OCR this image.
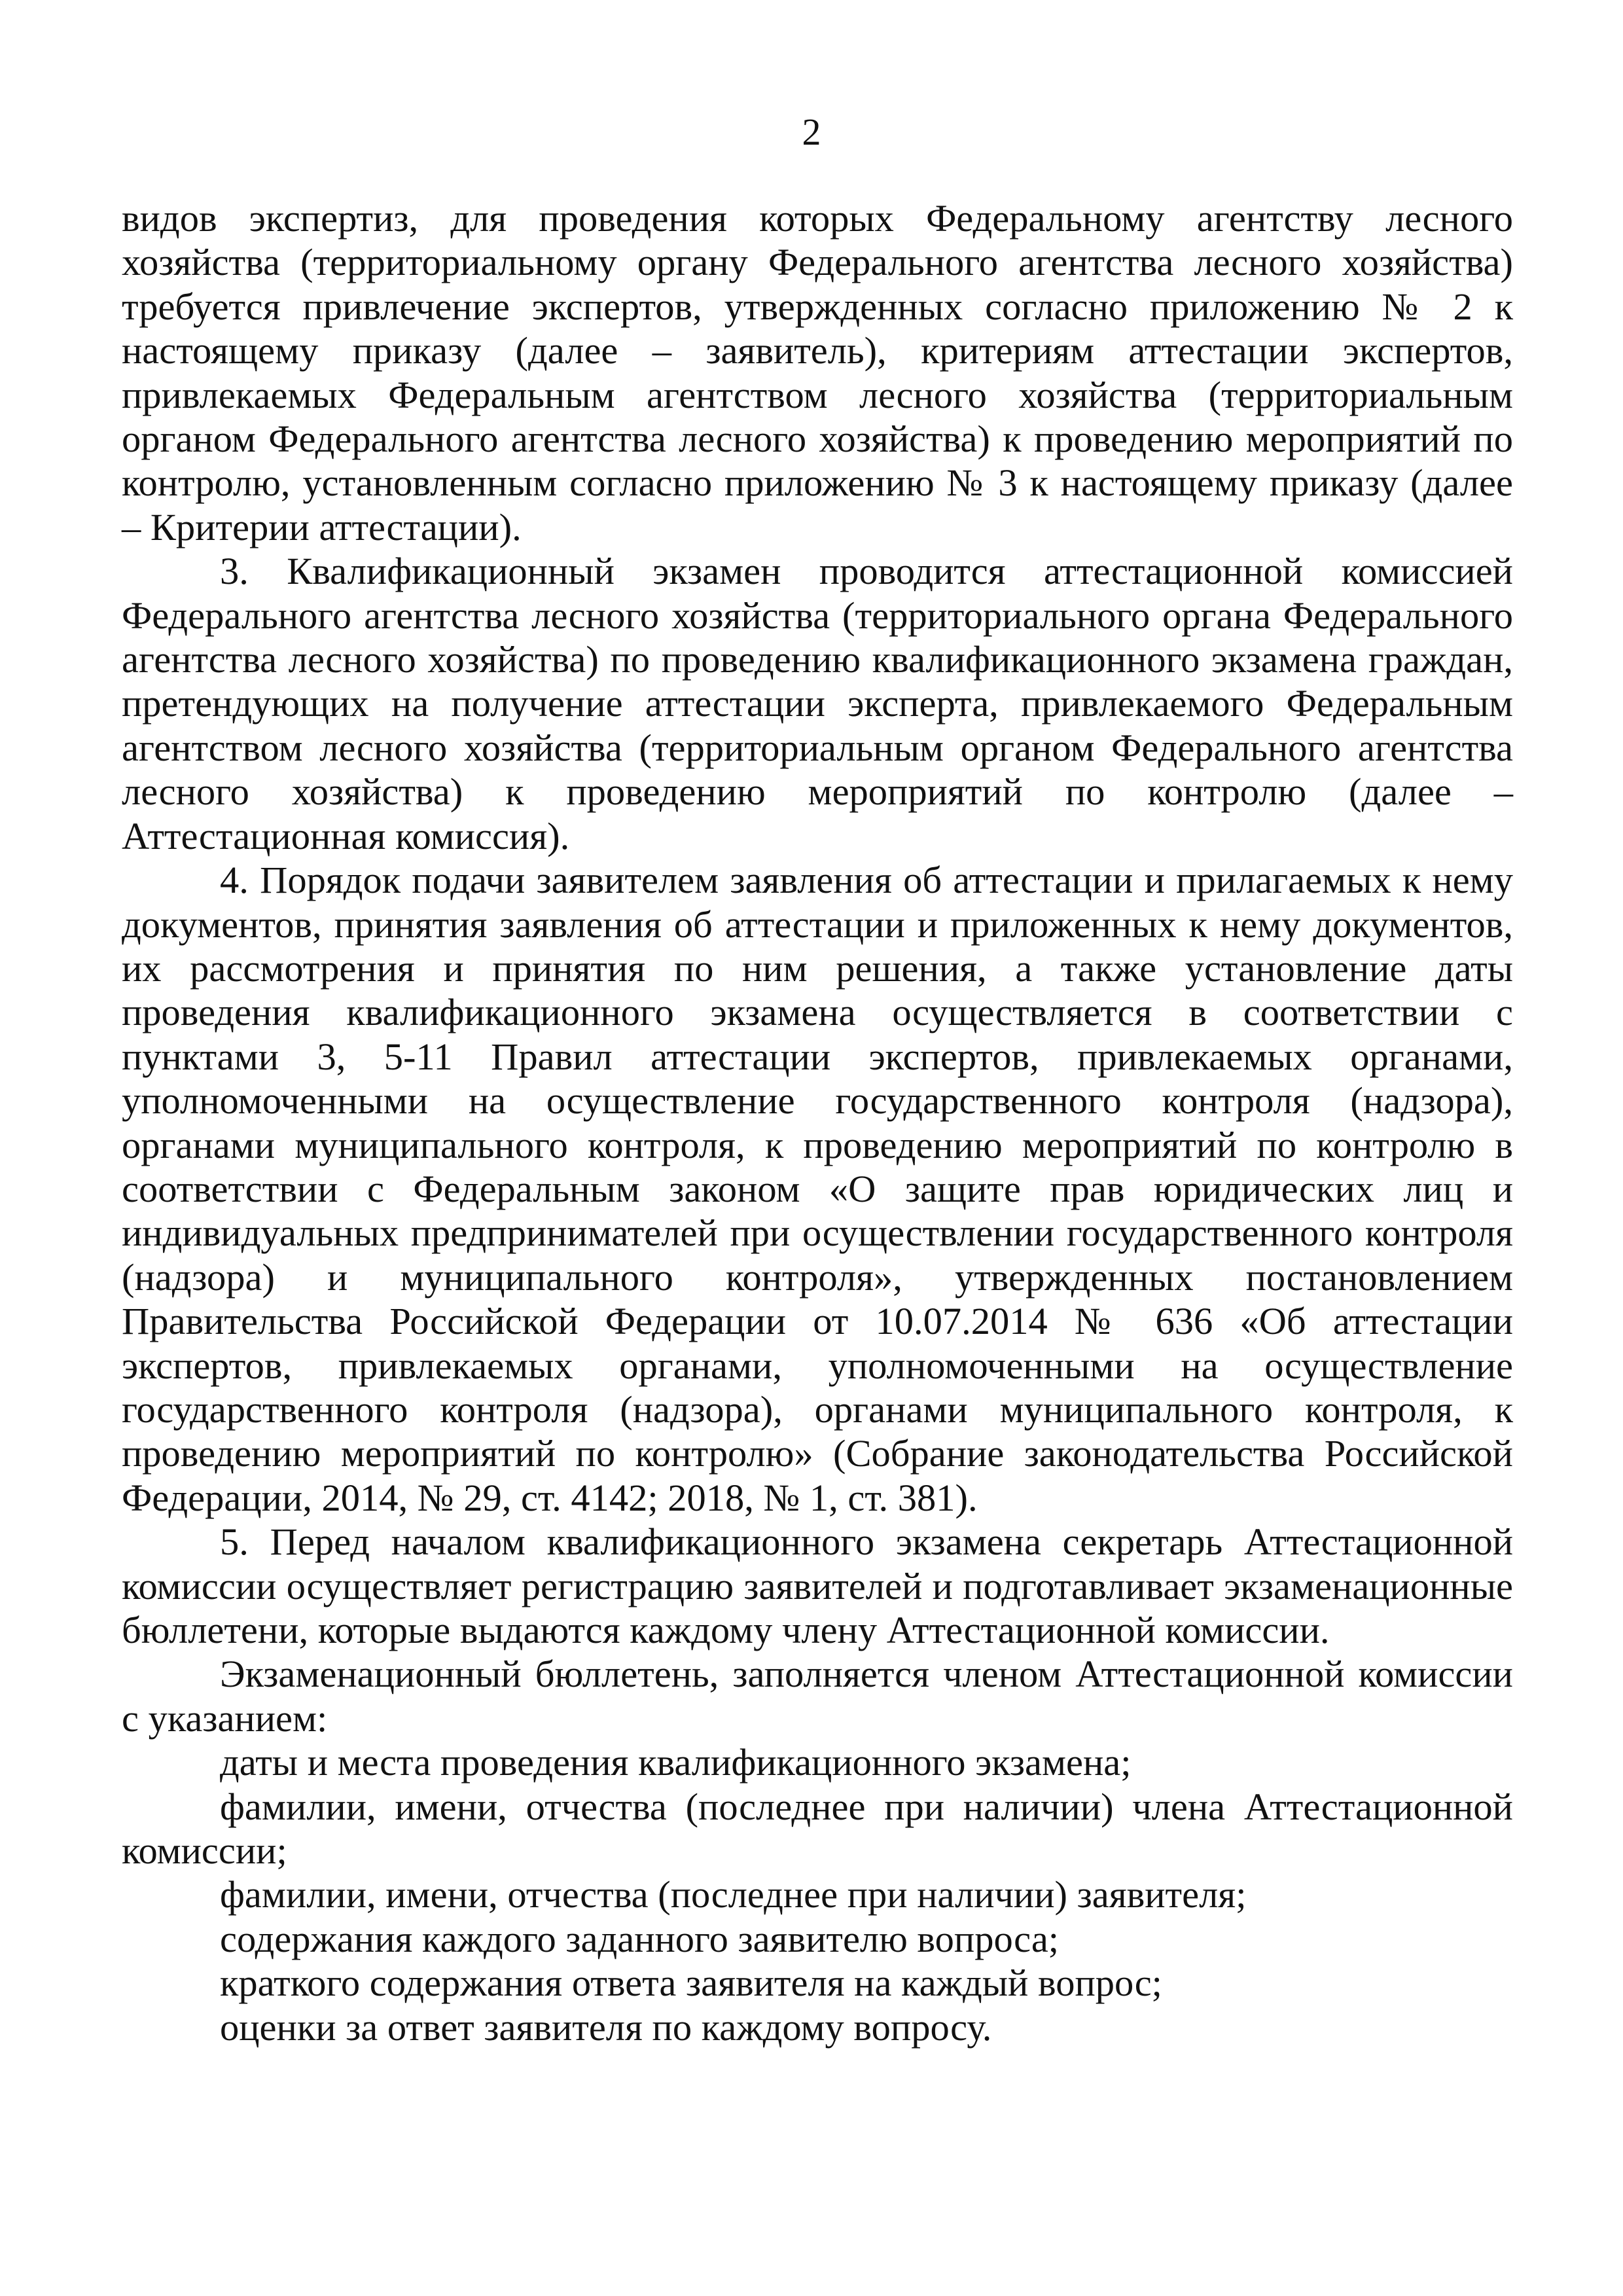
2

видов экспертиз, для проведения которых Федеральному агентству лесного хозяйства (территориальному органу Федерального агентства лесного хозяйства) требуется привлечение экспертов, утвержденных согласно приложению № 2 к настоящему приказу (далее – заявитель), критериям аттестации экспертов, привлекаемых Федеральным агентством лесного хозяйства (территориальным органом Федерального агентства лесного хозяйства) к проведению мероприятий по контролю, установленным согласно приложению № 3 к настоящему приказу (далее – Критерии аттестации).

3. Квалификационный экзамен проводится аттестационной комиссией Федерального агентства лесного хозяйства (территориального органа Федерального агентства лесного хозяйства) по проведению квалификационного экзамена граждан, претендующих на получение аттестации эксперта, привлекаемого Федеральным агентством лесного хозяйства (территориальным органом Федерального агентства лесного хозяйства) к проведению мероприятий по контролю (далее – Аттестационная комиссия).

4. Порядок подачи заявителем заявления об аттестации и прилагаемых к нему документов, принятия заявления об аттестации и приложенных к нему документов, их рассмотрения и принятия по ним решения, а также установление даты проведения квалификационного экзамена осуществляется в соответствии с пунктами 3, 5-11 Правил аттестации экспертов, привлекаемых органами, уполномоченными на осуществление государственного контроля (надзора), органами муниципального контроля, к проведению мероприятий по контролю в соответствии с Федеральным законом «О защите прав юридических лиц и индивидуальных предпринимателей при осуществлении государственного контроля (надзора) и муниципального контроля», утвержденных постановлением Правительства Российской Федерации от 10.07.2014 № 636 «Об аттестации экспертов, привлекаемых органами, уполномоченными на осуществление государственного контроля (надзора), органами муниципального контроля, к проведению мероприятий по контролю» (Собрание законодательства Российской Федерации, 2014, № 29, ст. 4142; 2018, № 1, ст. 381).

5. Перед началом квалификационного экзамена секретарь Аттестационной комиссии осуществляет регистрацию заявителей и подготавливает экзаменационные бюллетени, которые выдаются каждому члену Аттестационной комиссии.

Экзаменационный бюллетень, заполняется членом Аттестационной комиссии с указанием:

даты и места проведения квалификационного экзамена;

фамилии, имени, отчества (последнее при наличии) члена Аттестационной комиссии;

фамилии, имени, отчества (последнее при наличии) заявителя;

содержания каждого заданного заявителю вопроса;

краткого содержания ответа заявителя на каждый вопрос;

оценки за ответ заявителя по каждому вопросу.
